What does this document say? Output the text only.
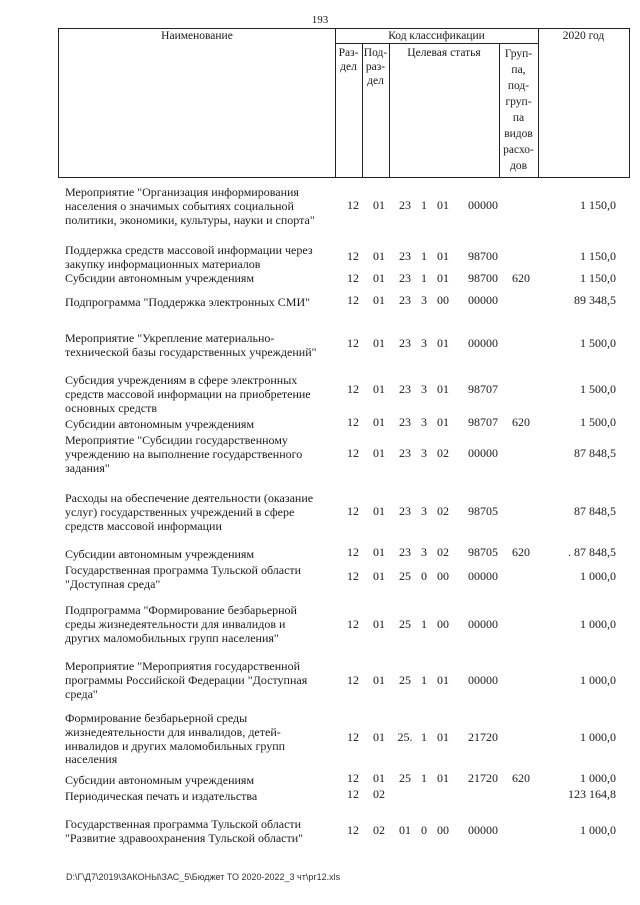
193
Наименование	Код классификации	2020 год
Раз-
дел
Под-
раз-
дел
Целевая статья	Груп-
па,
под-
груп-
па
видов
расхо-
дов
Мероприятие "Организация информирования
населения о значимых событиях социальной
политики, экономики, культуры, науки и спорта"
12	01	23 1 01	00000	1 150,0
Поддержка средств массовой информации через
закупку информационных материалов
12	01	23 1 01	98700	1 150,0
Субсидии автономным учреждениям	12	01	23 1 01	98700	620	1 150,0
Подпрограмма "Поддержка электронных СМИ"	12	01	23 3 00	00000	89 348,5
Мероприятие "Укрепление материально-
технической базы государственных учреждений"
12	01	23 3 01	00000	1 500,0
Субсидия учреждениям в сфере электронных
средств массовой информации на приобретение
основных средств
12	01	23 3 01	98707	1 500,0
Субсидии автономным учреждениям	12	01	23 3 01	98707	620	1 500,0
Мероприятие "Субсидии государственному
учреждению на выполнение государственного
задания"
12	01	23 3 02	00000	87 848,5
Расходы на обеспечение деятельности (оказание
услуг) государственных учреждений в сфере
средств массовой информации
12	01	23 3 02	98705	87 848,5
Субсидии автономным учреждениям	12	01	23 3 02	98705	620	. 87 848,5
Государственная программа Тульской области
"Доступная среда"
12	01	25 0 00	00000	1 000,0
Подпрограмма "Формирование безбарьерной
среды жизнедеятельности для инвалидов и
других маломобильных групп населения"
12	01	25 1 00	00000	1 000,0
Мероприятие "Мероприятия государственной
программы Российской Федерации "Доступная
среда"
12	01	25 1 01	00000	1 000,0
Формирование безбарьерной среды
жизнедеятельности для инвалидов, детей-
инвалидов и других маломобильных групп
населения
12	01	25. 1 01	21720	1 000,0
Субсидии автономным учреждениям	12	01	25 1 01	21720	620	1 000,0
Периодическая печать и издательства	12	02	123 164,8
Государственная программа Тульской области
"Развитие здравоохранения Тульской области"
12	02	01 0 00	00000	1 000,0
D:\Г\Д7\2019\ЗАКОНЫ\ЗАС_5\Бюджет ТО 2020-2022_3 чт\рг12.xls
